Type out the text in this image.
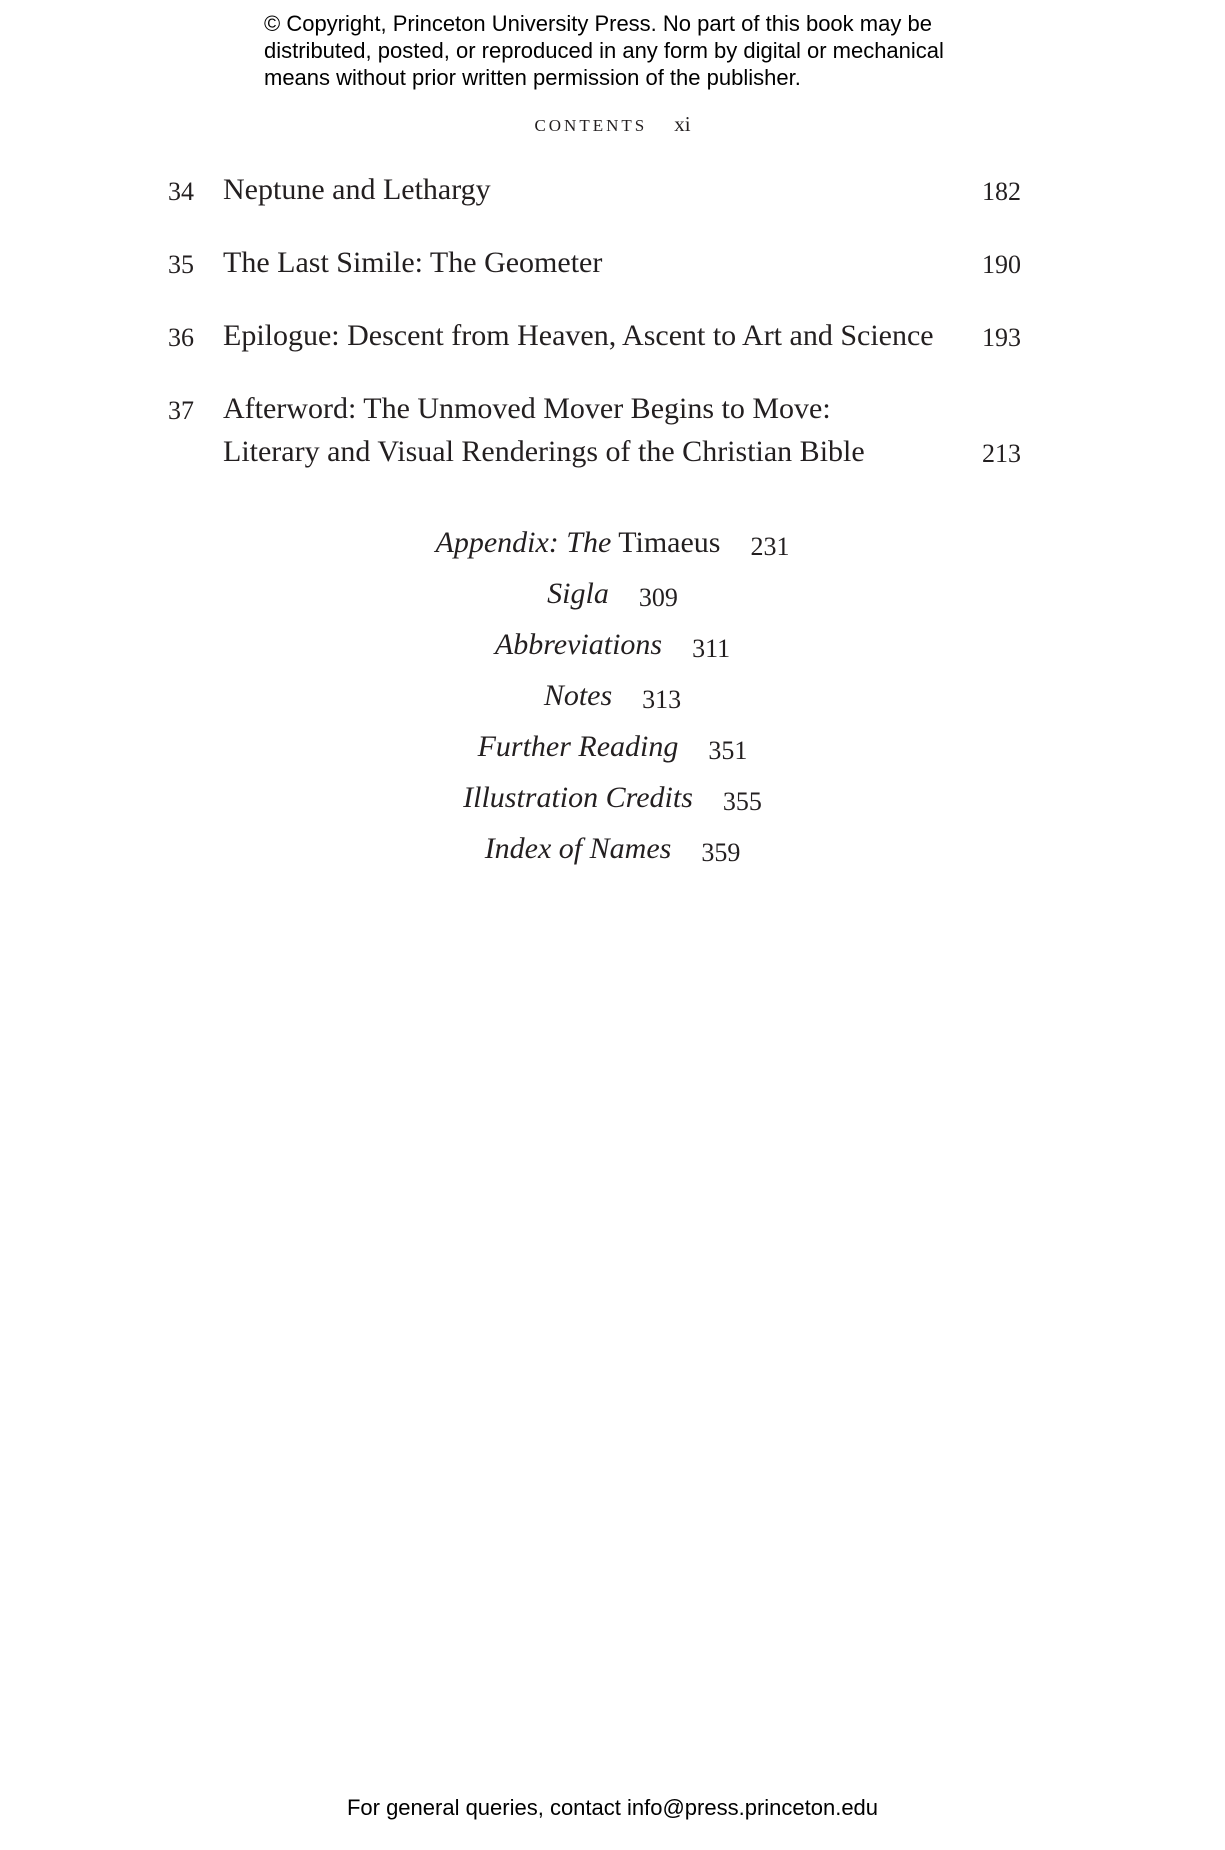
© Copyright, Princeton University Press. No part of this book may be
distributed, posted, or reproduced in any form by digital or mechanical
means without prior written permission of the publisher.
CONTENTS xi
34 Neptune and Lethargy	182
35 The Last Simile: The Geometer	190
36 Epilogue: Descent from Heaven, Ascent to Art and Science 193
37 Afterword: The Unmoved Mover Begins to Move:
Literary and Visual Renderings of the Christian Bible	213
Appendix: The Timaeus 231
Sigla 309
Abbreviations 311
Notes 313
Further Reading 351
Illustration Credits 355
Index of Names 359
For general queries, contact info@press.princeton.edu
